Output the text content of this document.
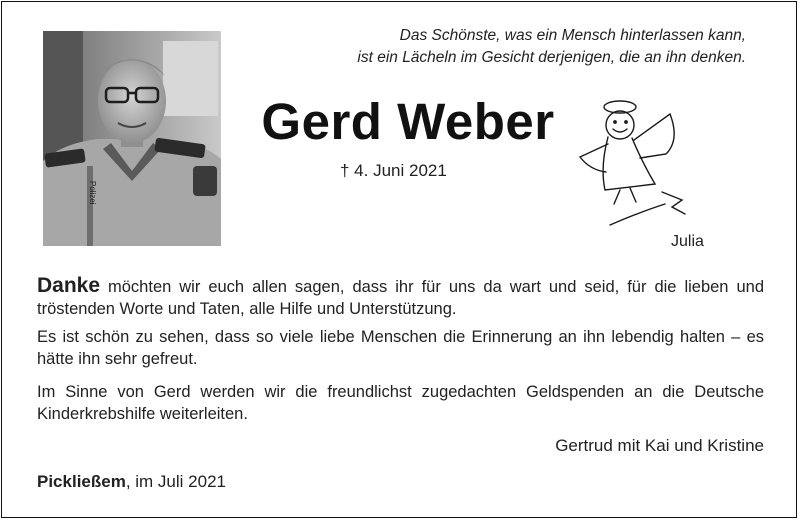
Polizei
Das Schönste, was ein Mensch hinterlassen kann,
ist ein Lächeln im Gesicht derjenigen, die an ihn denken.
Gerd Weber
† 4. Juni 2021
Julia

Danke möchten wir euch allen sagen, dass ihr für uns da wart und seid, für die lieben und tröstenden Worte und Taten, alle Hilfe und Unterstützung.

Es ist schön zu sehen, dass so viele liebe Menschen die Erinnerung an ihn lebendig halten – es hätte ihn sehr gefreut.

Im Sinne von Gerd werden wir die freundlichst zugedachten Geldspenden an die Deutsche Kinderkrebshilfe weiterleiten.

Gertrud mit Kai und Kristine
Pickließem, im Juli 2021
